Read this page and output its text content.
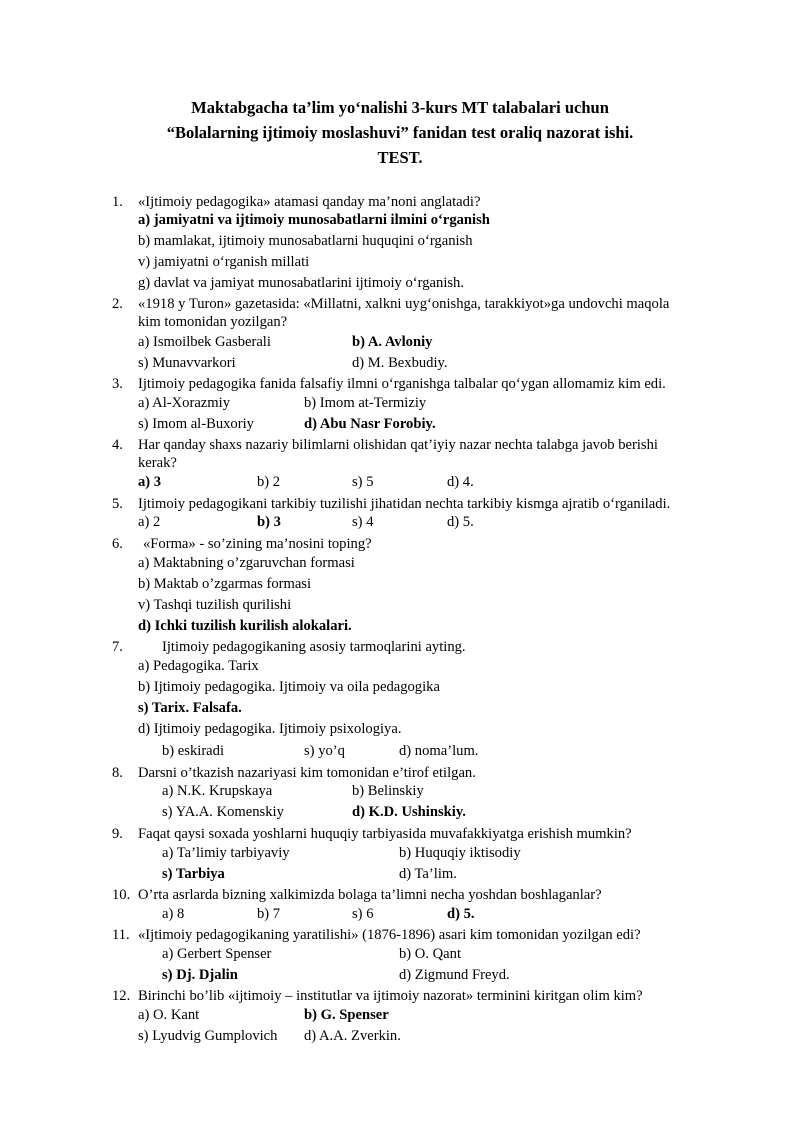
Maktabgacha ta’lim yo‘nalishi 3-kurs MT talabalari uchun
“Bolalarning ijtimoiy moslashuvi” fanidan test oraliq nazorat ishi.
TEST.
1. «Ijtimoiy pedagogika» atamasi qanday ma’noni anglatadi?
a) jamiyatni va ijtimoiy munosabatlarni ilmini o‘rganish
b) mamlakat, ijtimoiy munosabatlarni huquqini o‘rganish
v) jamiyatni o‘rganish millati
g) davlat va jamiyat munosabatlarini ijtimoiy o‘rganish.
2. «1918 y Turon» gazetasida: «Millatni, xalkni uyg‘onishga, tarakkiyot»ga undovchi maqola
kim tomonidan yozilgan?
a) Ismoilbek Gasberali	b) A. Avloniy
s) Munavvarkori	d) M. Bexbudiy.
3. Ijtimoiy pedagogika fanida falsafiy ilmni o‘rganishga talbalar qo‘ygan allomamiz kim edi.
a) Al-Xorazmiy	b) Imom at-Termiziy
s) Imom al-Buxoriy	d) Abu Nasr Forobiy.
4. Har qanday shaxs nazariy bilimlarni olishidan qat’iyiy nazar nechta talabga javob berishi
kerak?
a) 3	b) 2	s) 5	d) 4.
5. Ijtimoiy pedagogikani tarkibiy tuzilishi jihatidan nechta tarkibiy kismga ajratib o‘rganiladi.
a) 2	b) 3	s) 4	d) 5.
6. «Forma» - so’zining ma’nosini toping?
a) Maktabning o’zgaruvchan formasi
b) Maktab o’zgarmas formasi
v) Tashqi tuzilish qurilishi
d) Ichki tuzilish kurilish alokalari.
7.	Ijtimoiy pedagogikaning asosiy tarmoqlarini ayting.
a) Pedagogika. Tarix
b) Ijtimoiy pedagogika. Ijtimoiy va oila pedagogika
s) Tarix. Falsafa.
d) Ijtimoiy pedagogika. Ijtimoiy psixologiya.
b) eskiradi	s) yo’q	d) noma’lum.
8. Darsni o’tkazish nazariyasi kim tomonidan e’tirof etilgan.
a) N.K. Krupskaya	b) Belinskiy
s) YA.A. Komenskiy	d) K.D. Ushinskiy.
9. Faqat qaysi soxada yoshlarni huquqiy tarbiyasida muvafakkiyatga erishish mumkin?
a) Ta’limiy tarbiyaviy	b) Huquqiy iktisodiy
s) Tarbiya	d) Ta’lim.
10. O’rta asrlarda bizning xalkimizda bolaga ta’limni necha yoshdan boshlaganlar?
a) 8	b) 7	s) 6	d) 5.
11. «Ijtimoiy pedagogikaning yaratilishi» (1876-1896) asari kim tomonidan yozilgan edi?
a) Gerbert Spenser	b) O. Qant
s) Dj. Djalin	d) Zigmund Freyd.
12. Birinchi bo’lib «ijtimoiy – institutlar va ijtimoiy nazorat» terminini kiritgan olim kim?
a) O. Kant	b) G. Spenser
s) Lyudvig Gumplovich d) A.A. Zverkin.
